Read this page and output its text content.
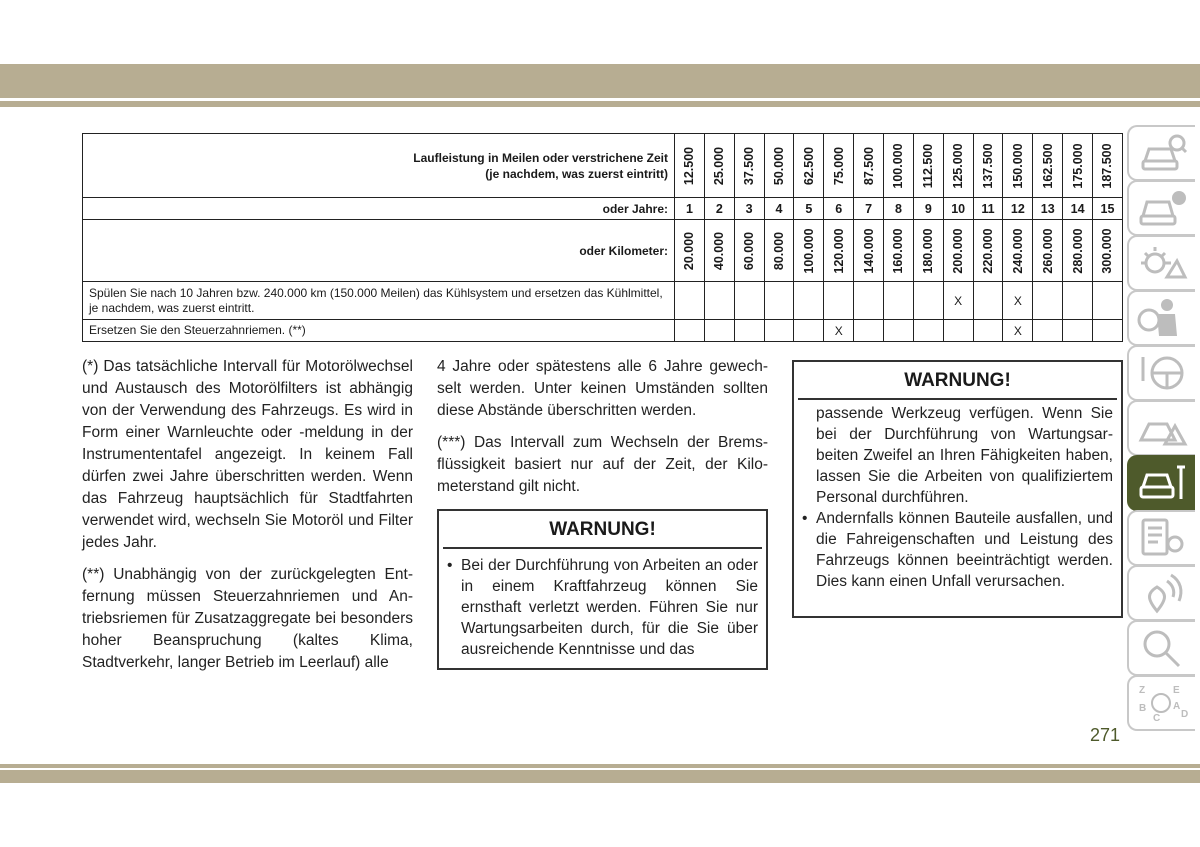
Laufleistung in Meilen oder verstrichene Zeit
(je nachdem, was zuerst eintritt)	12.500	25.000	37.500	50.000	62.500	75.000	87.500	100.000	112.500	125.000	137.500	150.000	162.500	175.000	187.500

oder Jahre:	1	2	3	4	5	6	7	8	9	10	11	12	13	14	15
oder Kilometer:	20.000	40.000	60.000	80.000	100.000	120.000	140.000	160.000	180.000	200.000	220.000	240.000	260.000	280.000	300.000

Spülen Sie nach 10 Jahren bzw. 240.000 km (150.000 Meilen) das Kühlsystem und ersetzen das Kühlmittel, je nachdem, was zuerst eintritt.										X		X			
Ersetzen Sie den Steuerzahnriemen. (**)						X						X			

(*) Das tatsächliche Intervall für Motorölwechsel und Austausch des Motorölfilters ist abhängig von der Verwendung des Fahrzeugs. Es wird in Form einer Warnleuchte oder -meldung in der Instrumententafel angezeigt. In keinem Fall dürfen zwei Jahre überschritten werden. Wenn das Fahrzeug hauptsächlich für Stadtfahrten verwendet wird, wechseln Sie Motoröl und Filter jedes Jahr.

(**) Unabhängig von der zurückgelegten Entfernung müssen Steuerzahnriemen und Antriebsriemen für Zusatzaggregate bei besonders hoher Beanspruchung (kaltes Klima, Stadtverkehr, langer Betrieb im Leerlauf) alle

4 Jahre oder spätestens alle 6 Jahre gewechselt werden. Unter keinen Umständen sollten diese Abstände überschritten werden.

(***) Das Intervall zum Wechseln der Bremsflüssigkeit basiert nur auf der Zeit, der Kilometerstand gilt nicht.

WARNUNG!
• Bei der Durchführung von Arbeiten an oder in einem Kraftfahrzeug können Sie ernsthaft verletzt werden. Führen Sie nur Wartungsarbeiten durch, für die Sie über ausreichende Kenntnisse und das
WARNUNG!
passende Werkzeug verfügen. Wenn Sie bei der Durchführung von Wartungsarbeiten Zweifel an Ihren Fähigkeiten haben, lassen Sie die Arbeiten von qualifiziertem Personal durchführen.
• Andernfalls können Bauteile ausfallen, und die Fahreigenschaften und Leistung des Fahrzeugs können beeinträchtigt werden. Dies kann einen Unfall verursachen.
Z	E
B	A
C D
271
